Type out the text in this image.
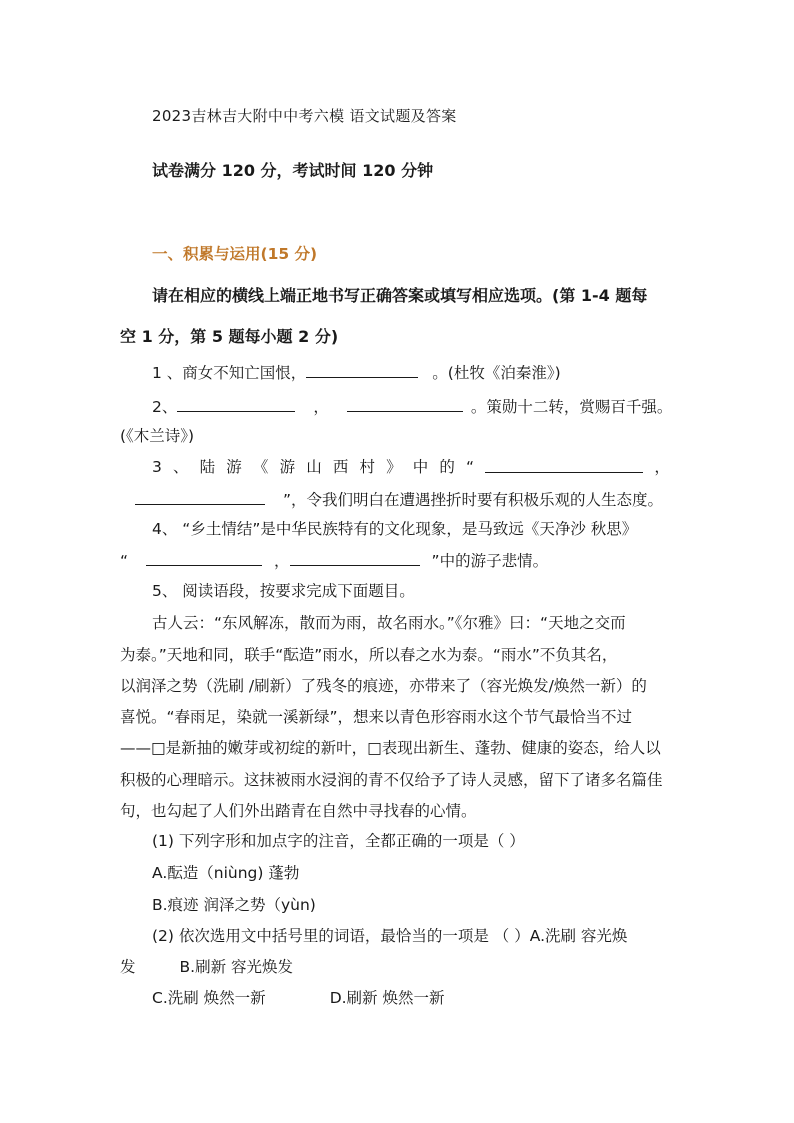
2023吉林吉大附中中考六模 语文试题及答案
试卷满分 120 分，考试时间 120 分钟
一、积累与运用(15 分)
请在相应的横线上端正地书写正确答案或填写相应选项。(第 1-4 题每
空 1 分，第 5 题每小题 2 分)
1 、商女不知亡国恨，	。(杜牧《泊秦淮》)
2、	，	。策勋十二转，赏赐百千强。
(《木兰诗》)
3 、 陆 游 《 游 山 西 村 》 中 的 “	，
”，令我们明白在遭遇挫折时要有积极乐观的人生态度。
4、 “乡土情结”是中华民族特有的文化现象，是马致远《天净沙 秋思》
“	，	”中的游子悲情。
5、 阅读语段，按要求完成下面题目。
古人云：“东风解冻，散而为雨，故名雨水。”《尔雅》曰：“天地之交而
为泰。”天地和同，联手“酝造”雨水，所以春之水为泰。“雨水”不负其名，
以润泽之势（洗刷 /刷新）了残冬的痕迹，亦带来了（容光焕发/焕然一新）的
喜悦。“春雨足，染就一溪新绿”，想来以青色形容雨水这个节气最恰当不过
——□是新抽的嫩芽或初绽的新叶，□表现出新生、蓬勃、健康的姿态，给人以
积极的心理暗示。这抹被雨水浸润的青不仅给予了诗人灵感，留下了诸多名篇佳
句，也勾起了人们外出踏青在自然中寻找春的心情。
(1) 下列字形和加点字的注音，全都正确的一项是（ ）
A.酝造（niùng) 蓬勃
B.痕迹 润泽之势（yùn)
(2) 依次选用文中括号里的词语，最恰当的一项是 （ ）A.洗刷 容光焕
发	B.刷新 容光焕发
C.洗刷 焕然一新	D.刷新 焕然一新
